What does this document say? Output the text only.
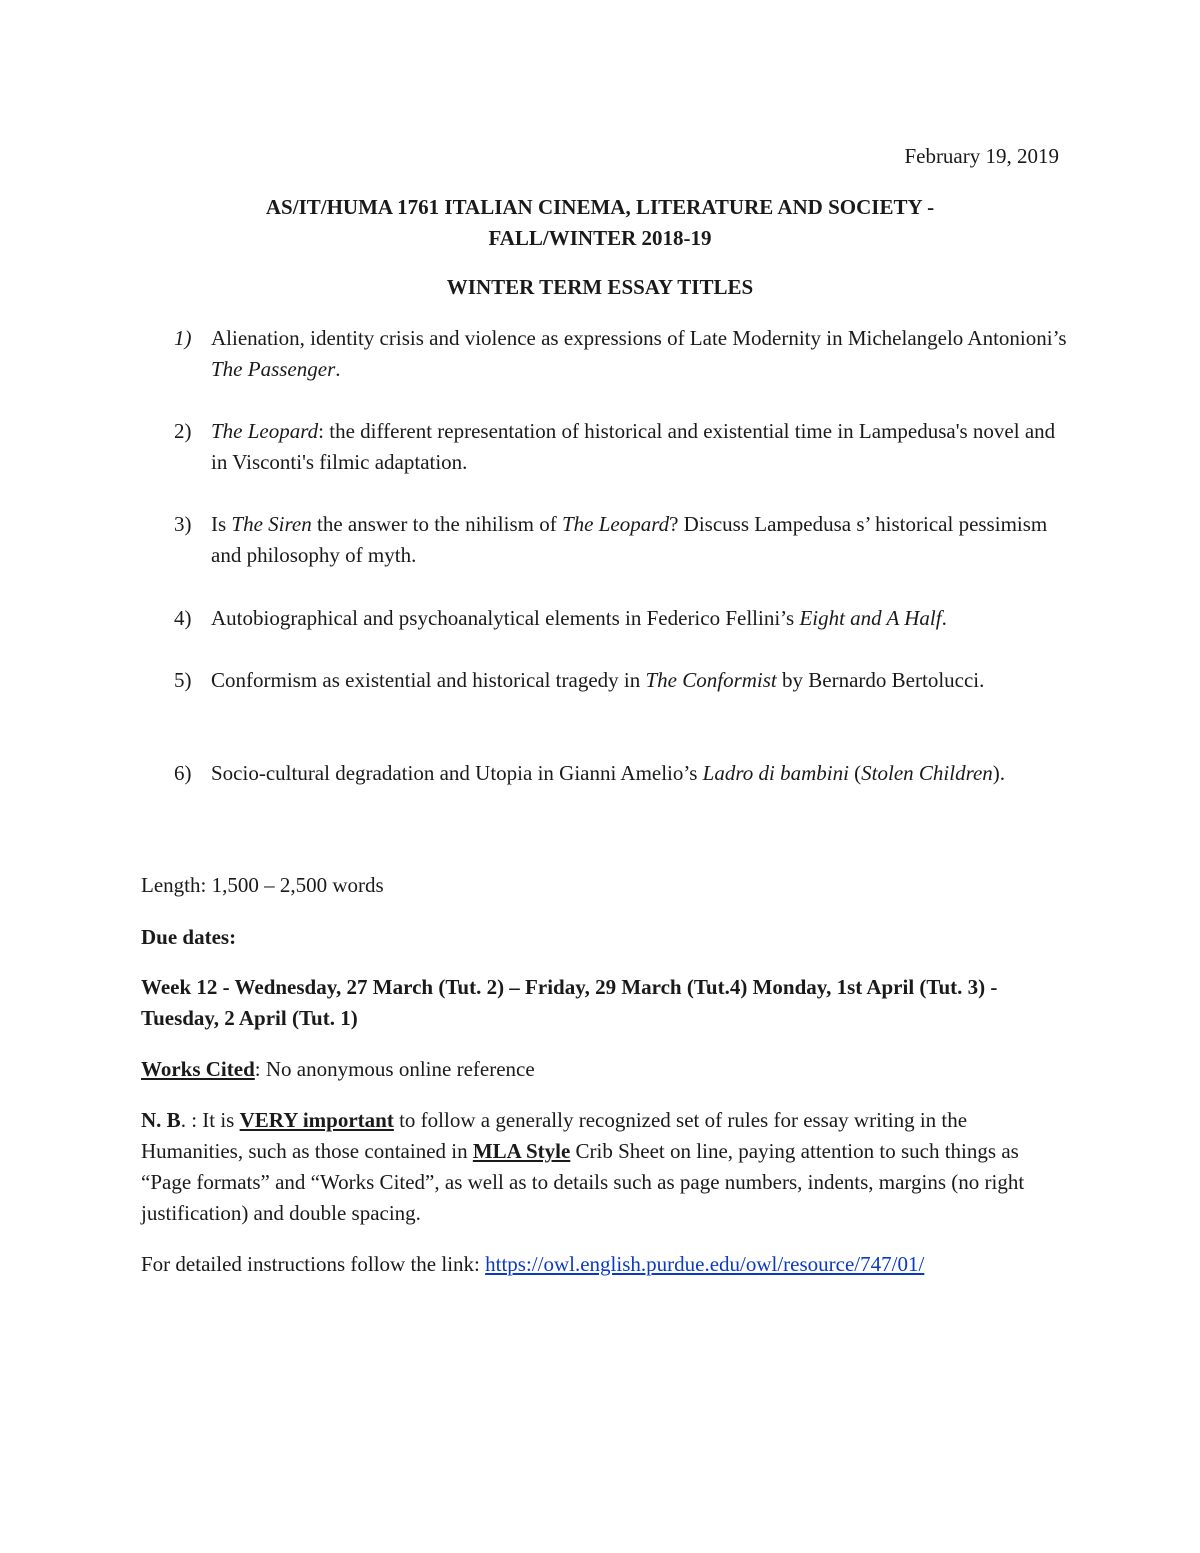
February 19, 2019
AS/IT/HUMA 1761 ITALIAN CINEMA, LITERATURE AND SOCIETY -
FALL/WINTER 2018-19
WINTER TERM ESSAY TITLES
1) Alienation, identity crisis and violence as expressions of Late Modernity in Michelangelo Antonioni’s The Passenger.
2) The Leopard: the different representation of historical and existential time in Lampedusa's novel and in Visconti's filmic adaptation.
3) Is The Siren the answer to the nihilism of The Leopard? Discuss Lampedusa s’ historical pessimism and philosophy of myth.
4) Autobiographical and psychoanalytical elements in Federico Fellini’s Eight and A Half.
5) Conformism as existential and historical tragedy in The Conformist by Bernardo Bertolucci.
6) Socio-cultural degradation and Utopia in Gianni Amelio’s Ladro di bambini (Stolen Children).
Length: 1,500 – 2,500 words
Due dates:
Week 12 - Wednesday, 27 March (Tut. 2) – Friday, 29 March (Tut.4) Monday, 1st April (Tut. 3) - Tuesday, 2 April (Tut. 1)
Works Cited: No anonymous online reference
N. B. : It is VERY important to follow a generally recognized set of rules for essay writing in the Humanities, such as those contained in MLA Style Crib Sheet on line, paying attention to such things as “Page formats” and “Works Cited”, as well as to details such as page numbers, indents, margins (no right justification) and double spacing.
For detailed instructions follow the link: https://owl.english.purdue.edu/owl/resource/747/01/
